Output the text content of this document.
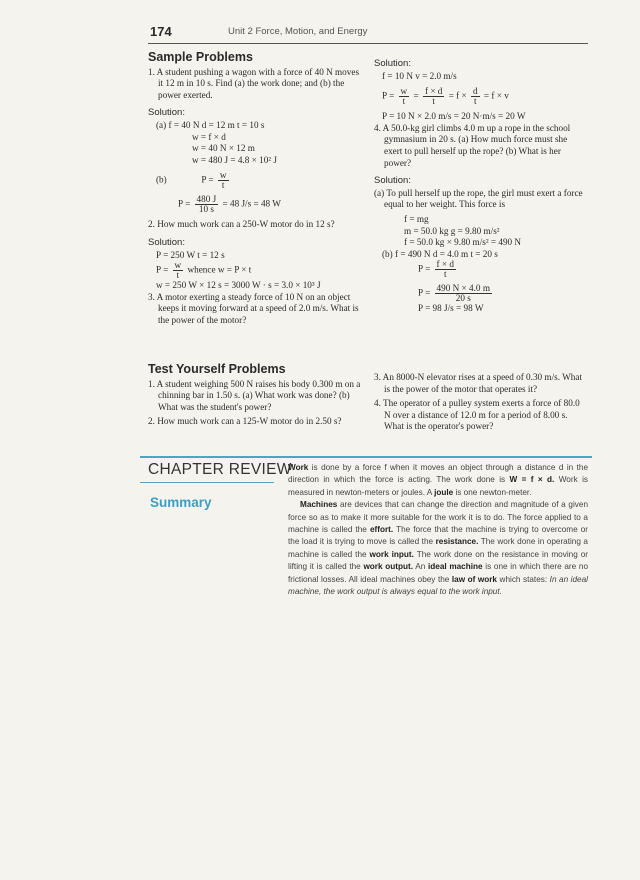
174	Unit 2 Force, Motion, and Energy
Sample Problems

1. A student pushing a wagon with a force of 40 N moves it 12 m in 10 s. Find (a) the work done; and (b) the power exerted.

Solution:

(a) f = 40 N d = 12 m t = 10 s

w = f × d

w = 40 N × 12 m

w = 480 J = 4.8 × 10² J

(b)	$P = \frac{w}{t}$

$P = \frac{480 J}{10 s} = 48$ J/s = 48 W

2. How much work can a 250-W motor do in 12 s?

Solution:

P = 250 W t = 12 s

$P = \frac{w}{t}$ whence w = P × t

w = 250 W × 12 s = 3000 W · s = 3.0 × 10³ J

3. A motor exerting a steady force of 10 N on an object keeps it moving forward at a speed of 2.0 m/s. What is the power of the motor?

Solution:

f = 10 N v = 2.0 m/s

$P = \frac{w}{t} = \frac{f \times d}{t} = f \times \frac{d}{t} = f \times v$

P = 10 N × 2.0 m/s = 20 N·m/s = 20 W

4. A 50.0-kg girl climbs 4.0 m up a rope in the school gymnasium in 20 s. (a) How much force must she exert to pull herself up the rope? (b) What is her power?

Solution:

(a) To pull herself up the rope, the girl must exert a force equal to her weight. This force is

f = mg

m = 50.0 kg g = 9.80 m/s²

f = 50.0 kg × 9.80 m/s² = 490 N

(b) f = 490 N d = 4.0 m t = 20 s

$P = \frac{f \times d}{t}$

$P = \frac{490 N \times 4.0 m}{20 s}$

P = 98 J/s = 98 W

Test Yourself Problems

1. A student weighing 500 N raises his body 0.300 m on a chinning bar in 1.50 s. (a) What work was done? (b) What was the student's power?

2. How much work can a 125-W motor do in 2.50 s?

3. An 8000-N elevator rises at a speed of 0.30 m/s. What is the power of the motor that operates it?

4. The operator of a pulley system exerts a force of 80.0 N over a distance of 12.0 m for a period of 8.00 s. What is the operator's power?

CHAPTER REVIEW
Summary

Work is done by a force f when it moves an object through a distance d in the direction in which the force is acting. The work done is W = f × d. Work is measured in newton-meters or joules. A joule is one newton-meter.

Machines are devices that can change the direction and magnitude of a given force so as to make it more suitable for the work it is to do. The force applied to a machine is called the effort. The force that the machine is trying to overcome or the load it is trying to move is called the resistance. The work done in operating a machine is called the work input. The work done on the resistance in moving or lifting it is called the work output. An ideal machine is one in which there are no frictional losses. All ideal machines obey the law of work which states: In an ideal machine, the work output is always equal to the work input.
